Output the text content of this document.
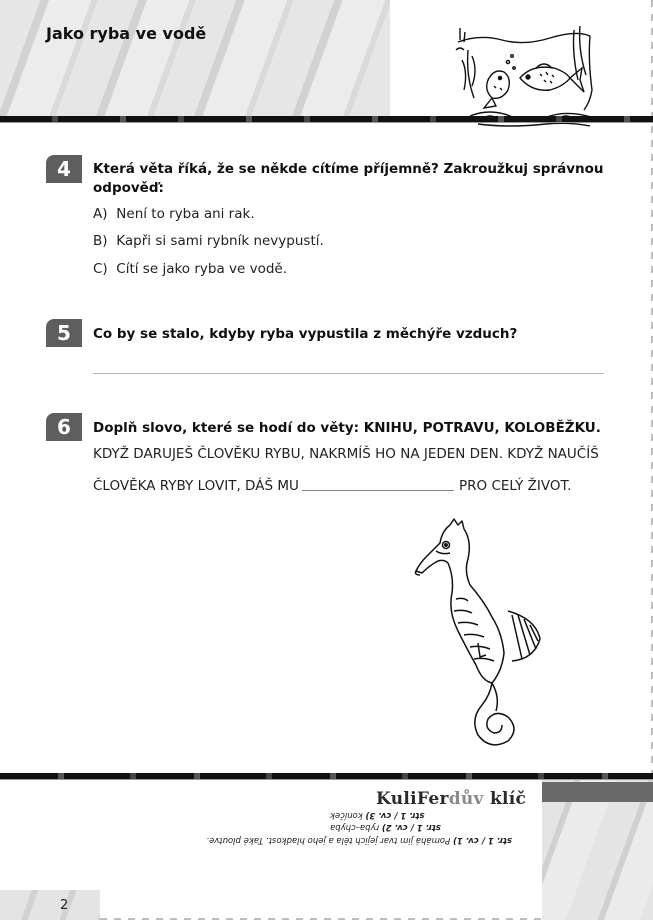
Jako ryba ve vodě
4	Která věta říká, že se někde cítíme příjemně? Zakroužkuj správnou
odpověď:
A) Není to ryba ani rak.
B) Kapři si sami rybník nevypustí.
C) Cítí se jako ryba ve vodě.
5	Co by se stalo, kdyby ryba vypustila z měchýře vzduch?
6	Doplň slovo, které se hodí do věty: KNIHU, POTRAVU, KOLOBĚŽKU.
KDYŽ DARUJEŠ ČLOVĚKU RYBU, NAKRMÍŠ HO NA JEDEN DEN. KDYŽ NAUČÍŠ
ČLOVĚKA RYBY LOVIT, DÁŠ MU	PRO CELÝ ŽIVOT.
2
KuliFerdův klíč
str. 1 / cv. 3) koníček
str. 1 / cv. 2) ryba–chyba
str. 1 / cv. 1) Pomáhá jim tvar jejich těla a jeho hladkost. Také ploutve.
